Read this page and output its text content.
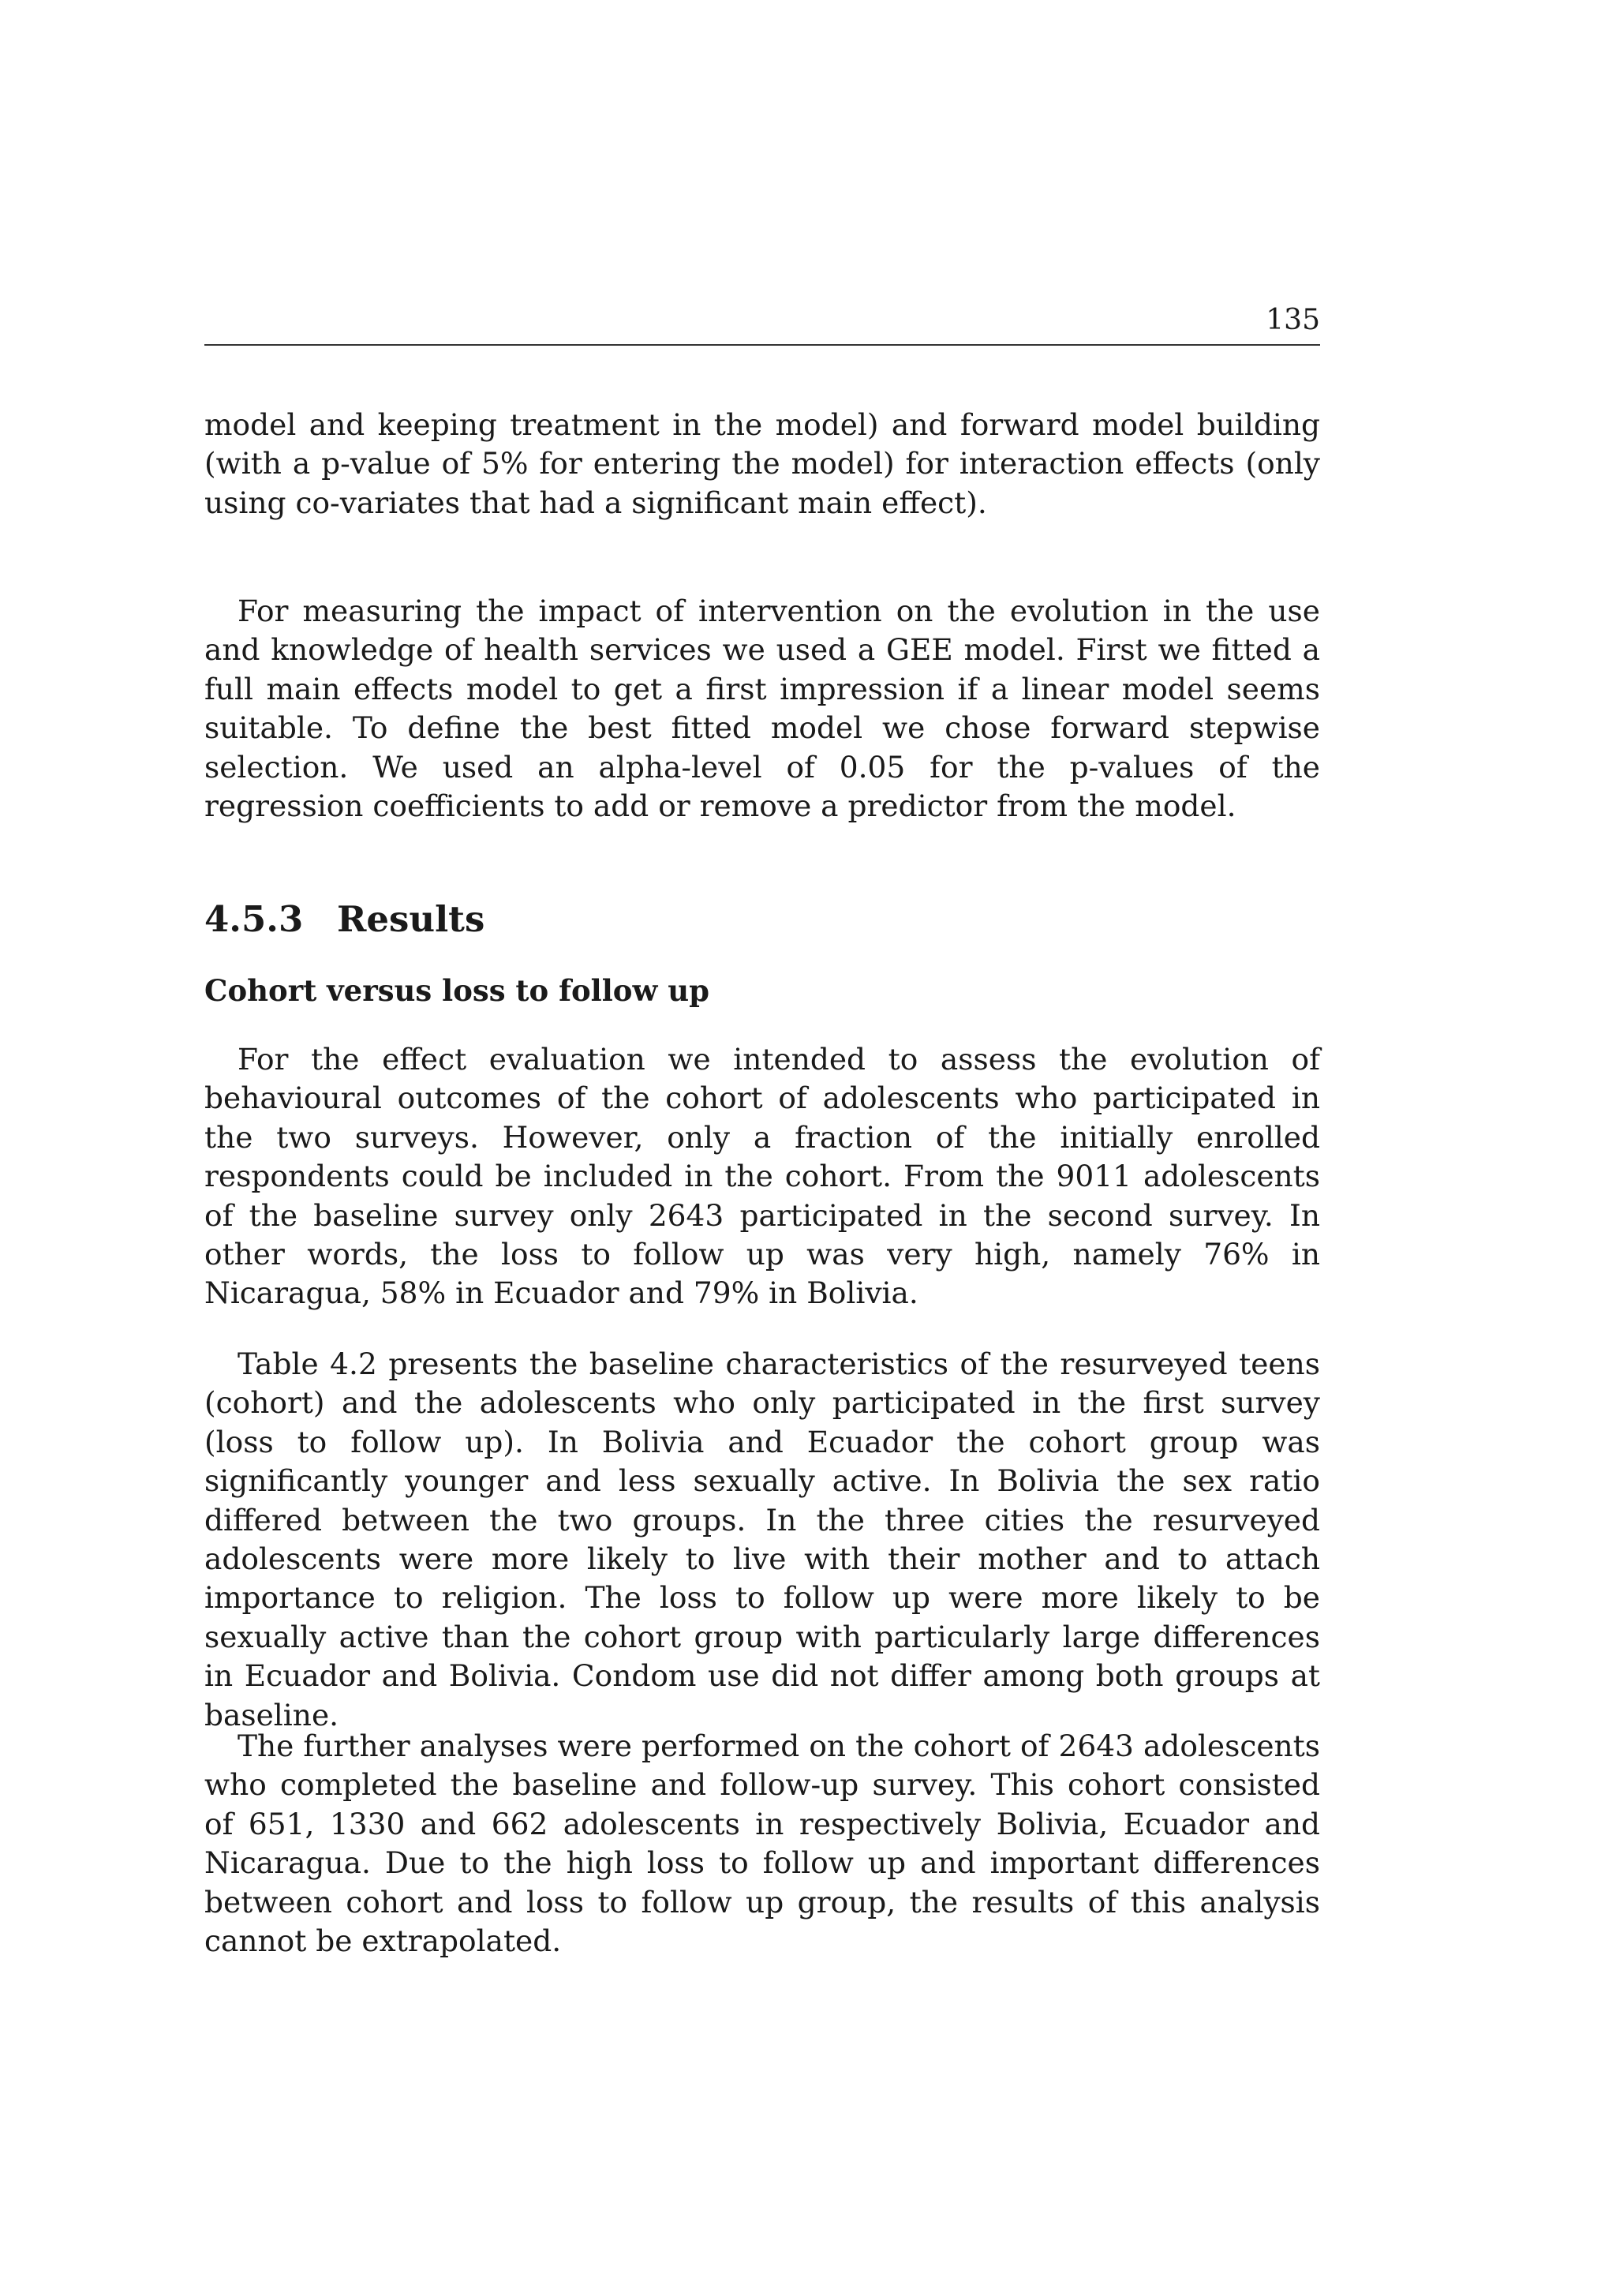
135

model and keeping treatment in the model) and forward model building (with a p-value of 5% for entering the model) for interaction effects (only using co-variates that had a significant main effect).

For measuring the impact of intervention on the evolution in the use and knowledge of health services we used a GEE model. First we fitted a full main effects model to get a first impression if a linear model seems suitable. To define the best fitted model we chose forward stepwise selection. We used an alpha-level of 0.05 for the p-values of the regression coefficients to add or remove a predictor from the model.

4.5.3 Results
Cohort versus loss to follow up

For the effect evaluation we intended to assess the evolution of behavioural outcomes of the cohort of adolescents who participated in the two surveys. However, only a fraction of the initially enrolled respondents could be included in the cohort. From the 9011 adolescents of the baseline survey only 2643 participated in the second survey. In other words, the loss to follow up was very high, namely 76% in Nicaragua, 58% in Ecuador and 79% in Bolivia.

Table 4.2 presents the baseline characteristics of the resurveyed teens (cohort) and the adolescents who only participated in the first survey (loss to follow up). In Bolivia and Ecuador the cohort group was significantly younger and less sexually active. In Bolivia the sex ratio differed between the two groups. In the three cities the resurveyed adolescents were more likely to live with their mother and to attach importance to religion. The loss to follow up were more likely to be sexually active than the cohort group with particularly large differences in Ecuador and Bolivia. Condom use did not differ among both groups at baseline.

The further analyses were performed on the cohort of 2643 adolescents who completed the baseline and follow-up survey. This cohort consisted of 651, 1330 and 662 adolescents in respectively Bolivia, Ecuador and Nicaragua. Due to the high loss to follow up and important differences between cohort and loss to follow up group, the results of this analysis cannot be extrapolated.
